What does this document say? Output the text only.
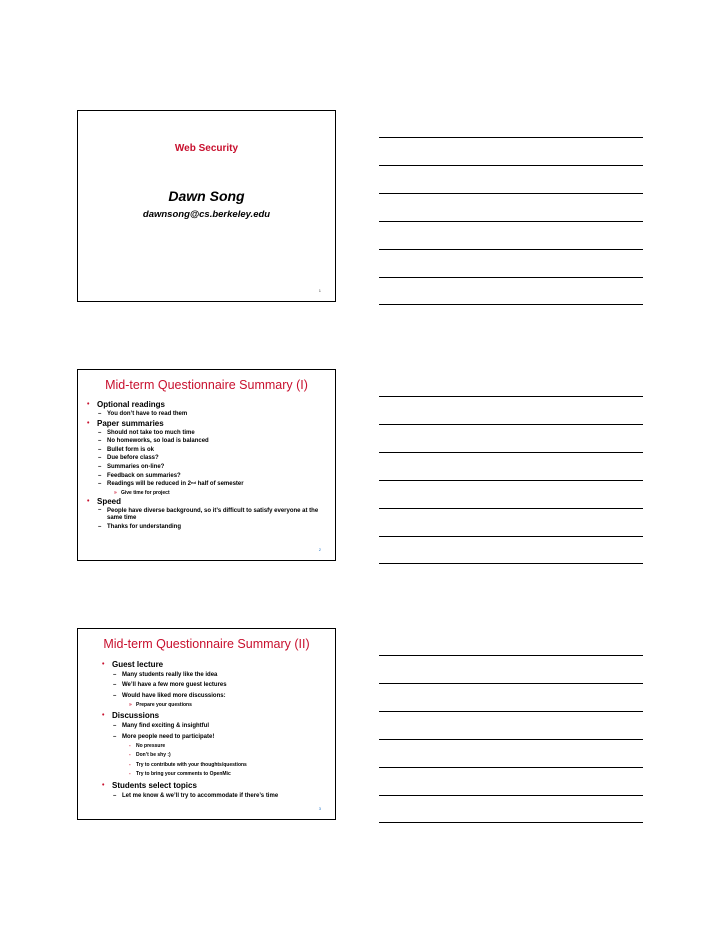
Web Security
Dawn Song
dawnsong@cs.berkeley.edu
1
Mid-term Questionnaire Summary (I)
• Optional readings
– You don’t have to read them
• Paper summaries
– Should not take too much time
– No homeworks, so load is balanced
– Bullet form is ok
– Due before class?
– Summaries on-line?
– Feedback on summaries?
– Readings will be reduced in 2nd half of semester
» Give time for project
• Speed
– People have diverse background, so it’s difficult to satisfy everyone at the same time
– Thanks for understanding
2
Mid-term Questionnaire Summary (II)
• Guest lecture
– Many students really like the idea
– We’ll have a few more guest lectures
– Would have liked more discussions:
» Prepare your questions
• Discussions
– Many find exciting & insightful
– More people need to participate!
- No pressure
- Don’t be shy :)
- Try to contribute with your thoughts/questions
- Try to bring your comments to OpenMic
• Students select topics
– Let me know & we’ll try to accommodate if there’s time
3
